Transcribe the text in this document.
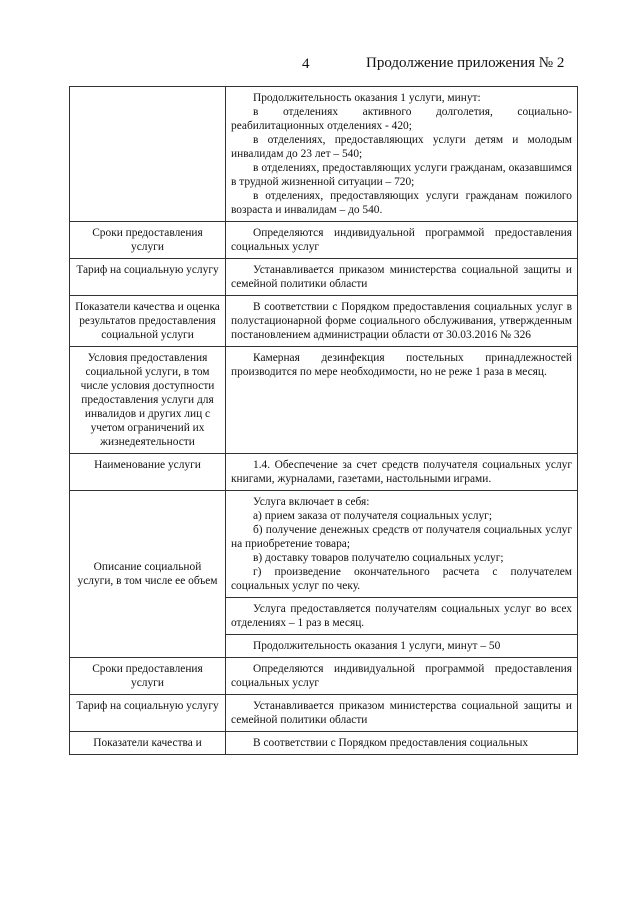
4	Продолжение приложения № 2

	Продолжительность оказания 1 услуги, минут:

в отделениях активного долголетия, социально-реабилитационных отделениях - 420;

в отделениях, предоставляющих услуги детям и молодым инвалидам до 23 лет – 540;

в отделениях, предоставляющих услуги гражданам, оказавшимся в трудной жизненной ситуации – 720;

в отделениях, предоставляющих услуги гражданам пожилого возраста и инвалидам – до 540.

Сроки предоставления услуги	Определяются индивидуальной программой предоставления социальных услуг

Тариф на социальную услугу	Устанавливается приказом министерства социальной защиты и семейной политики области

Показатели качества и оценка результатов предоставления социальной услуги	В соответствии с Порядком предоставления социальных услуг в полустационарной форме социального обслуживания, утвержденным постановлением администрации области от 30.03.2016 № 326

Условия предоставления социальной услуги, в том числе условия доступности предоставления услуги для инвалидов и других лиц с учетом ограничений их жизнедеятельности	Камерная дезинфекция постельных принадлежностей производится по мере необходимости, но не реже 1 раза в месяц.

Наименование услуги	1.4. Обеспечение за счет средств получателя социальных услуг книгами, журналами, газетами, настольными играми.

Описание социальной услуги, в том числе ее объем	Услуга включает в себя:

а) прием заказа от получателя социальных услуг;

б) получение денежных средств от получателя социальных услуг на приобретение товара;

в) доставку товаров получателю социальных услуг;

г) произведение окончательного расчета с получателем социальных услуг по чеку.

	Услуга предоставляется получателям социальных услуг во всех отделениях – 1 раз в месяц.

	Продолжительность оказания 1 услуги, минут – 50

Сроки предоставления услуги	Определяются индивидуальной программой предоставления социальных услуг

Тариф на социальную услугу	Устанавливается приказом министерства социальной защиты и семейной политики области

Показатели качества и	В соответствии с Порядком предоставления социальных
